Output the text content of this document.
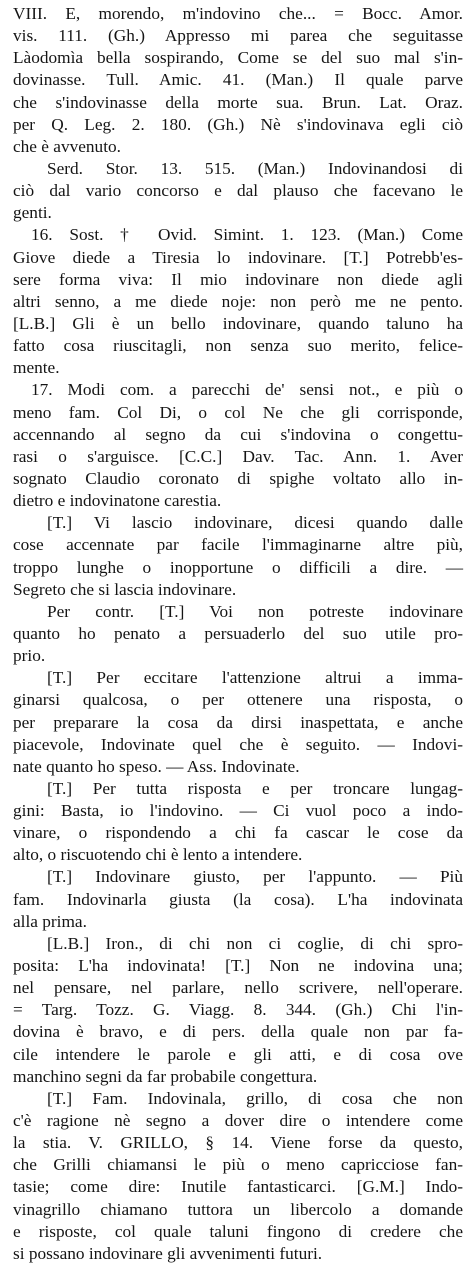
VIII. E, morendo, m'indovino che... = Bocc. Amor.
vis. 111. (Gh.) Appresso mi parea che seguitasse
Làodomìa bella sospirando, Come se del suo mal s'in-
dovinasse. Tull. Amic. 41. (Man.) Il quale parve
che s'indovinasse della morte sua. Brun. Lat. Oraz.
per Q. Leg. 2. 180. (Gh.) Nè s'indovinava egli ciò
che è avvenuto.
Serd. Stor. 13. 515. (Man.) Indovinandosi di
ciò dal vario concorso e dal plauso che facevano le
genti.
16. Sost. † Ovid. Simint. 1. 123. (Man.) Come
Giove diede a Tiresia lo indovinare. [T.] Potrebb'es-
sere forma viva: Il mio indovinare non diede agli
altri senno, a me diede noje: non però me ne pento.
[L.B.] Gli è un bello indovinare, quando taluno ha
fatto cosa riuscitagli, non senza suo merito, felice-
mente.
17. Modi com. a parecchi de' sensi not., e più o
meno fam. Col Di, o col Ne che gli corrisponde,
accennando al segno da cui s'indovina o congettu-
rasi o s'arguisce. [C.C.] Dav. Tac. Ann. 1. Aver
sognato Claudio coronato di spighe voltato allo in-
dietro e indovinatone carestia.
[T.] Vi lascio indovinare, dicesi quando dalle
cose accennate par facile l'immaginarne altre più,
troppo lunghe o inopportune o difficili a dire. —
Segreto che si lascia indovinare.
Per contr. [T.] Voi non potreste indovinare
quanto ho penato a persuaderlo del suo utile pro-
prio.
[T.] Per eccitare l'attenzione altrui a imma-
ginarsi qualcosa, o per ottenere una risposta, o
per preparare la cosa da dirsi inaspettata, e anche
piacevole, Indovinate quel che è seguito. — Indovi-
nate quanto ho speso. — Ass. Indovinate.
[T.] Per tutta risposta e per troncare lungag-
gini: Basta, io l'indovino. — Ci vuol poco a indo-
vinare, o rispondendo a chi fa cascar le cose da
alto, o riscuotendo chi è lento a intendere.
[T.] Indovinare giusto, per l'appunto. — Più
fam. Indovinarla giusta (la cosa). L'ha indovinata
alla prima.
[L.B.] Iron., di chi non ci coglie, di chi spro-
posita: L'ha indovinata! [T.] Non ne indovina una;
nel pensare, nel parlare, nello scrivere, nell'operare.
= Targ. Tozz. G. Viagg. 8. 344. (Gh.) Chi l'in-
dovina è bravo, e di pers. della quale non par fa-
cile intendere le parole e gli atti, e di cosa ove
manchino segni da far probabile congettura.
[T.] Fam. Indovinala, grillo, di cosa che non
c'è ragione nè segno a dover dire o intendere come
la stia. V. GRILLO, § 14. Viene forse da questo,
che Grilli chiamansi le più o meno capricciose fan-
tasie; come dire: Inutile fantasticarci. [G.M.] Indo-
vinagrillo chiamano tuttora un libercolo a domande
e risposte, col quale taluni fingono di credere che
si possano indovinare gli avvenimenti futuri.
